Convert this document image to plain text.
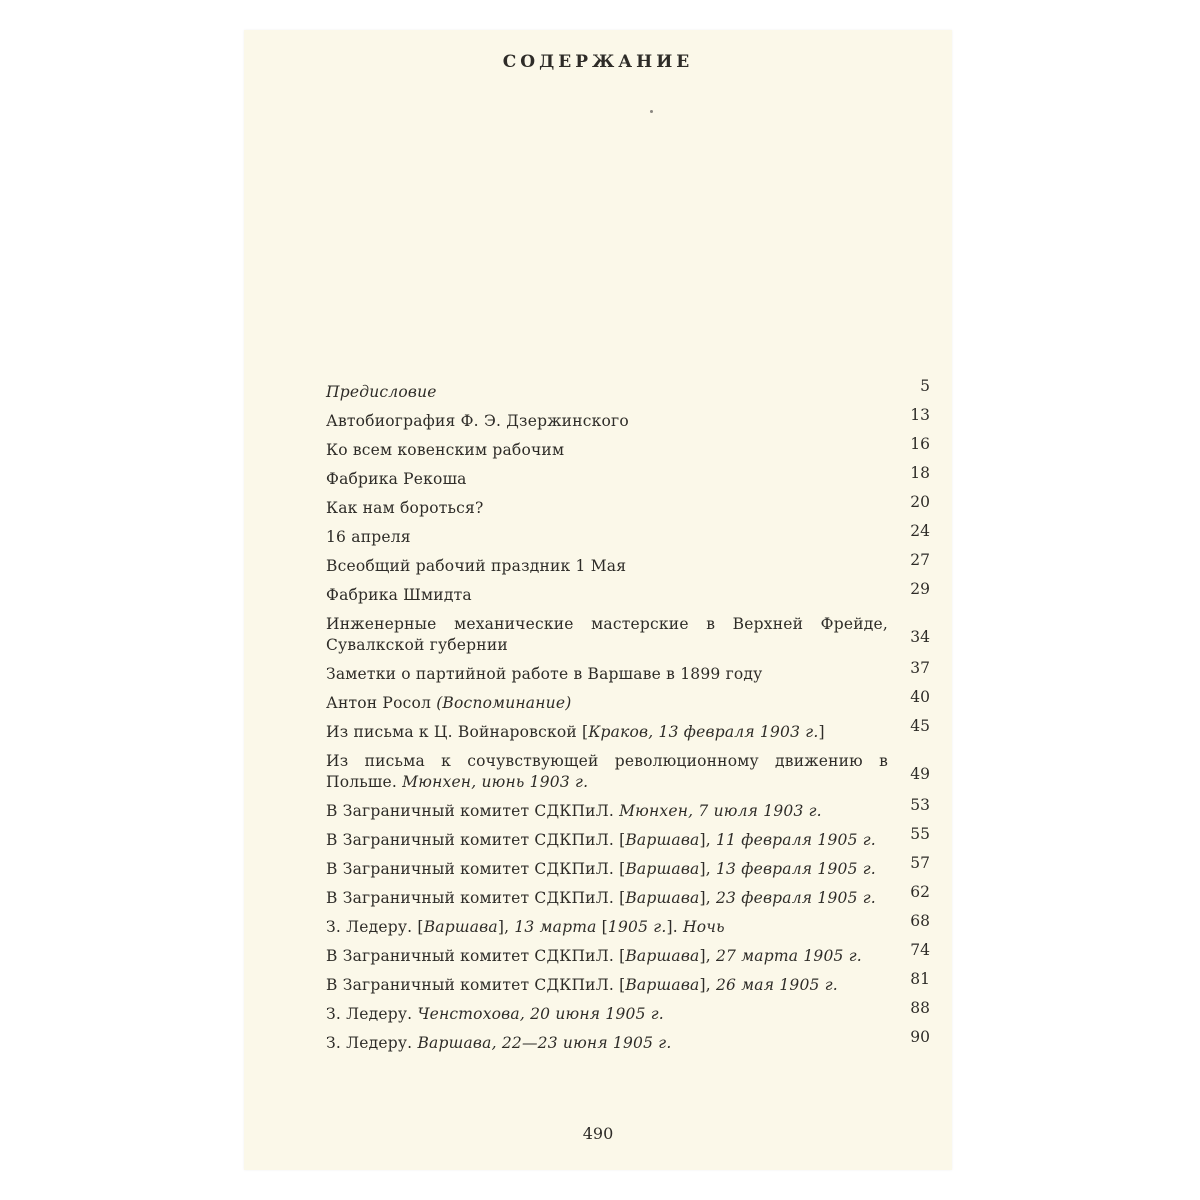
СОДЕРЖАНИЕ
Предисловие	5
Автобиография Ф. Э. Дзержинского	13
Ко всем ковенским рабочим	16
Фабрика Рекоша	18
Как нам бороться?	20
16 апреля	24
Всеобщий рабочий праздник 1 Мая	27
Фабрика Шмидта	29
Инженерные механические мастерские в Верхней Фрейде, Сувалкской губернии	34
Заметки о партийной работе в Варшаве в 1899 году	37
Антон Росол (Воспоминание)	40
Из письма к Ц. Войнаровской [Краков, 13 февраля 1903 г.]	45
Из письма к сочувствующей революционному движению в Польше. Мюнхен, июнь 1903 г.	49
В Заграничный комитет СДКПиЛ. Мюнхен, 7 июля 1903 г.	53
В Заграничный комитет СДКПиЛ. [Варшава], 11 февраля 1905 г.	55
В Заграничный комитет СДКПиЛ. [Варшава], 13 февраля 1905 г.	57
В Заграничный комитет СДКПиЛ. [Варшава], 23 февраля 1905 г.	62
З. Ледеру. [Варшава], 13 марта [1905 г.]. Ночь	68
В Заграничный комитет СДКПиЛ. [Варшава], 27 марта 1905 г.	74
В Заграничный комитет СДКПиЛ. [Варшава], 26 мая 1905 г.	81
З. Ледеру. Ченстохова, 20 июня 1905 г.	88
З. Ледеру. Варшава, 22—23 июня 1905 г.	90
490
